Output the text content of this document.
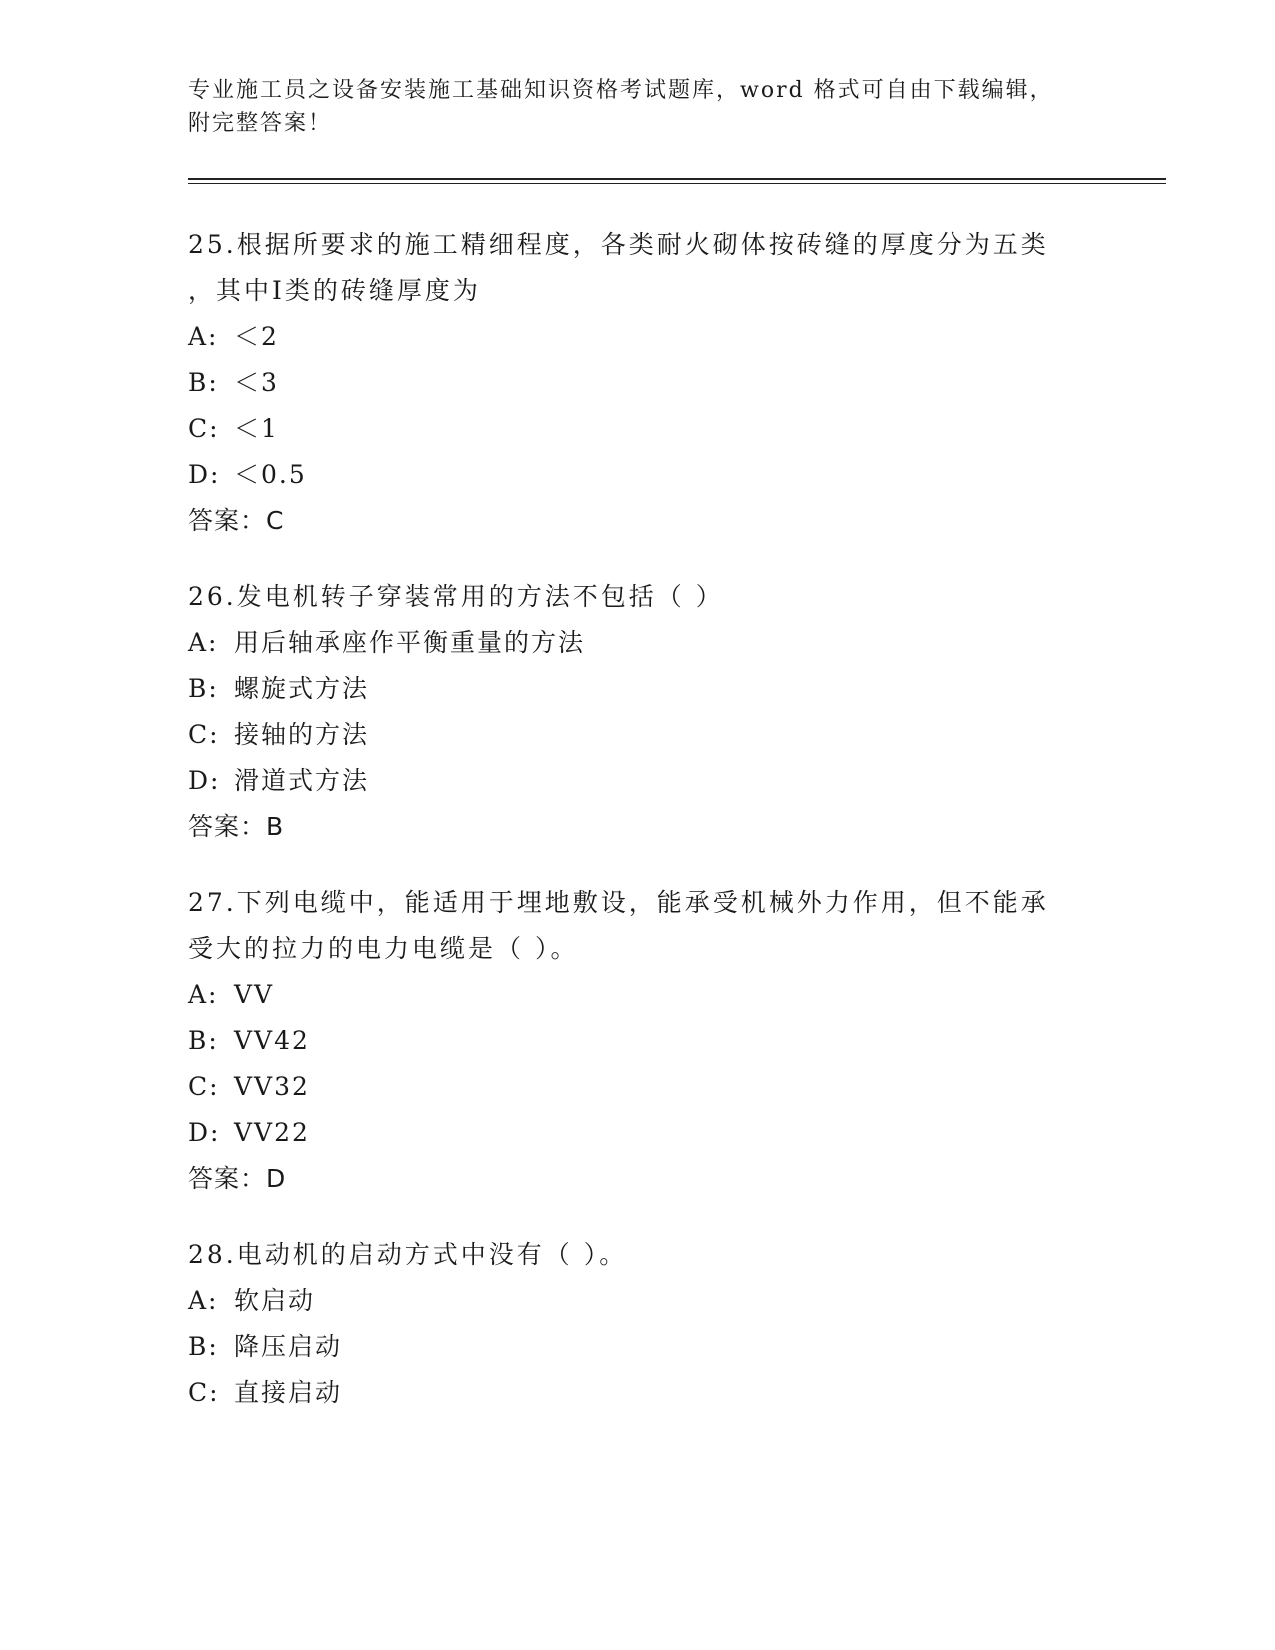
专业施工员之设备安装施工基础知识资格考试题库，word 格式可自由下载编辑，
附完整答案！
25.根据所要求的施工精细程度，各类耐火砌体按砖缝的厚度分为五类
，其中Ⅰ类的砖缝厚度为
A: ＜2
B: ＜3
C: ＜1
D: ＜0.5
答案：C
26.发电机转子穿装常用的方法不包括（ ）
A: 用后轴承座作平衡重量的方法
B: 螺旋式方法
C: 接轴的方法
D: 滑道式方法
答案：B
27.下列电缆中，能适用于埋地敷设，能承受机械外力作用，但不能承
受大的拉力的电力电缆是（ ）。
A: VV
B: VV42
C: VV32
D: VV22
答案：D
28.电动机的启动方式中没有（ ）。
A: 软启动
B: 降压启动
C: 直接启动
